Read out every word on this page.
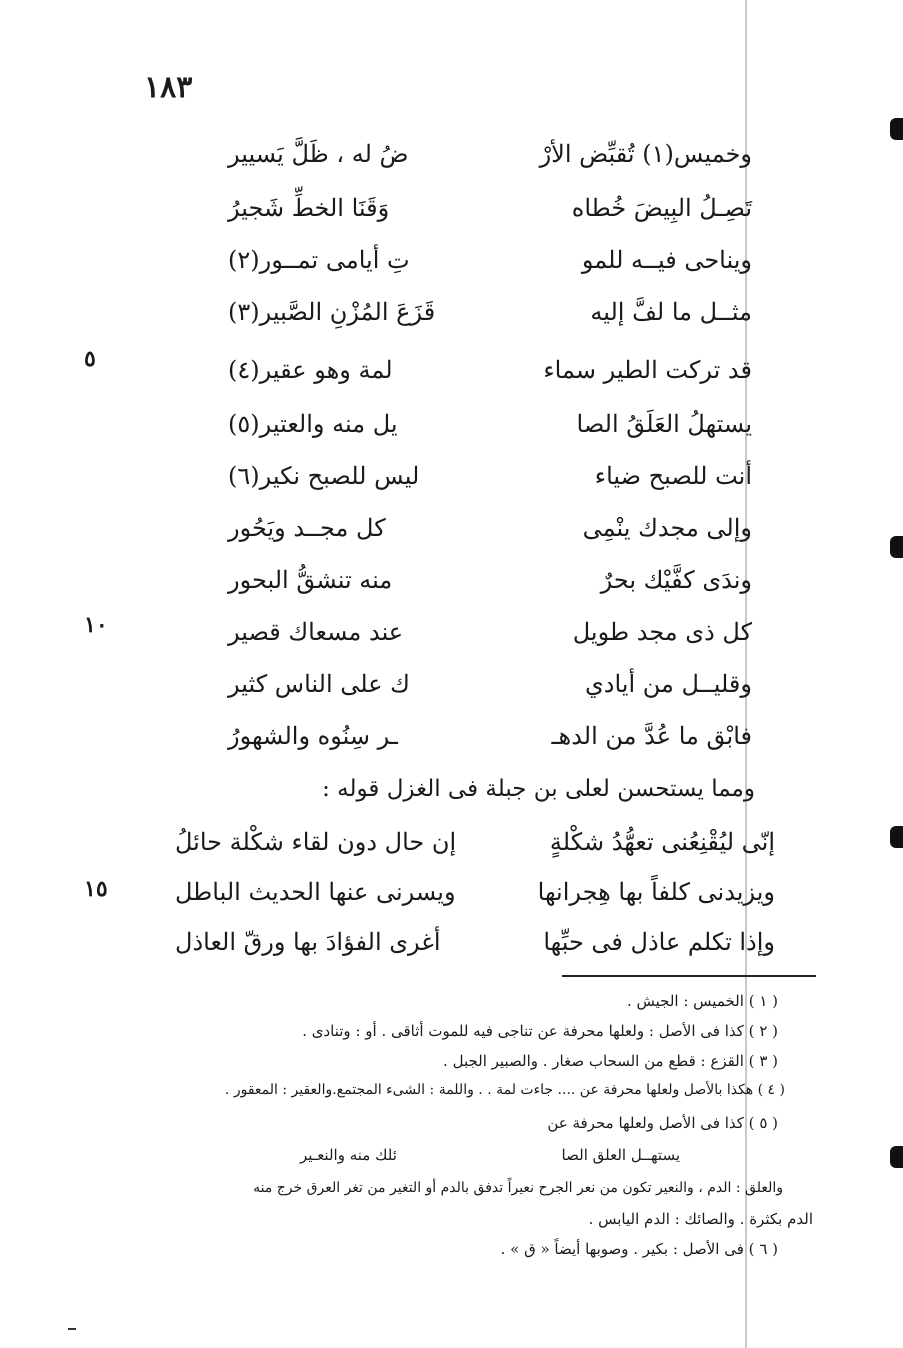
١٨٣
٥
١٠
١٥
وخميس(١) تُقبِّض الأرْ
ضُ له ، ظَلَّ يَسيير
تَصِـلُ البِيضَ خُطاه
وَقَنَا الخطِّ شَجيرُ
ويناحى فيــه للمو
تِ أيامى تمــور(٢)
مثــل ما لفَّ إليه
قَزَعَ المُزْنِ الصَّبير(٣)
قد تركت الطير سماء
لمة وهو عقير(٤)
يستهلُ العَلَقُ الصا
يل منه والعتير(٥)
أنت للصبح ضياء
ليس للصبح نكير(٦)
وإلى مجدك ينْمِى
كل مجــد ويَحُور
وندَى كفَّيْك بحرٌ
منه تنشقُّ البحور
كل ذى مجد طويل
عند مسعاك قصير
وقليــل من أيادي
ك على الناس كثير
فابْق ما عُدَّ من الدهـ
ـر سِنُوه والشهورُ
ومما يستحسن لعلى بن جبلة فى الغزل قوله :
إنّى ليُقْنِعُنى تعهُّدُ شكْلةٍ
إن حال دون لقاء شكْلة حائلُ
ويزيدنى كلفاً بها هِجرانها
ويسرنى عنها الحديث الباطل
وإذا تكلم عاذل فى حبِّها
أغرى الفؤادَ بها ورقّ العاذل
( ١ ) الخميس : الجيش .
( ٢ ) كذا فى الأصل : ولعلها محرفة عن تناجى فيه للموت أثاقى . أو : وتنادى .
( ٣ ) القزع : قطع من السحاب صغار . والصبير الجبل .
( ٤ ) هكذا بالأصل ولعلها محرفة عن .... جاءت لمة . . واللمة : الشىء المجتمع.والعقير : المعقور .
( ٥ ) كذا فى الأصل ولعلها محرفة عن
يستهــل العلق الصا
ئلك منه والنعـير
والعلق : الدم ، والنعير تكون من نعر الجرح نعيراً تدفق بالدم أو التغير من تغر العرق خرج منه
الدم بكثرة . والصائك : الدم اليابس .
( ٦ ) فى الأصل : بكير . وصوبها أيضاً « ق » .
